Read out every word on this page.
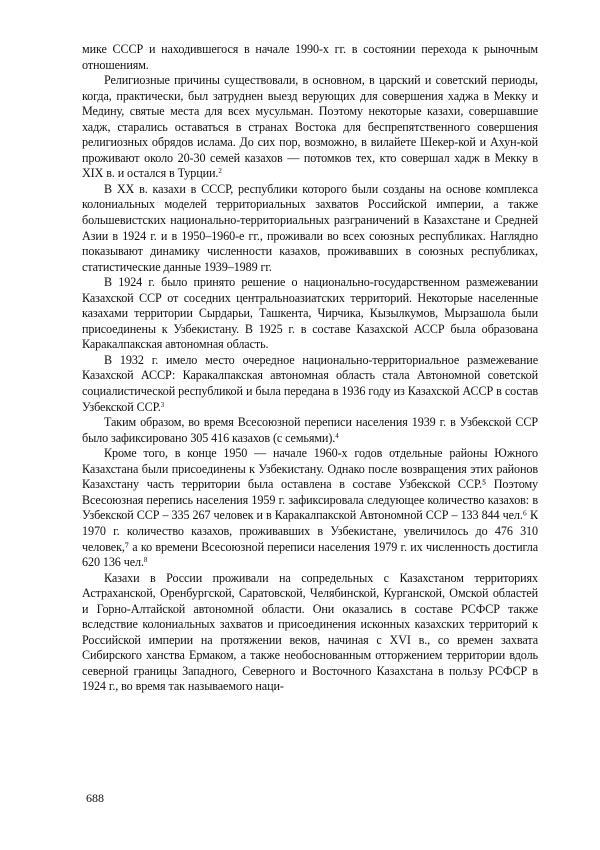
мике СССР и находившегося в начале 1990-х гг. в состоянии перехода к рыночным отношениям.

Религиозные причины существовали, в основном, в царский и советский периоды, когда, практически, был затруднен выезд верующих для совершения хаджа в Мекку и Медину, святые места для всех мусульман. Поэтому некоторые казахи, совершавшие хадж, старались оставаться в странах Востока для беспрепятственного совершения религиозных обрядов ислама. До сих пор, возможно, в вилайете Шекер-кой и Ахун-кой проживают около 20-30 семей казахов — потомков тех, кто совершал хадж в Мекку в XIX в. и остался в Турции.$^2$

В XX в. казахи в СССР, республики которого были созданы на основе комплекса колониальных моделей территориальных захватов Российской империи, а также большевистских национально-территориальных разграничений в Казахстане и Средней Азии в 1924 г. и в 1950–1960-е гг., проживали во всех союзных республиках. Наглядно показывают динамику численности казахов, проживавших в союзных республиках, статистические данные 1939–1989 гг.

В 1924 г. было принято решение о национально-государственном размежевании Казахской ССР от соседних центральноазиатских территорий. Некоторые населенные казахами территории Сырдарьи, Ташкента, Чирчика, Кызылкумов, Мырзашола были присоединены к Узбекистану. В 1925 г. в составе Казахской АССР была образована Каракалпакская автономная область.

В 1932 г. имело место очередное национально-территориальное размежевание Казахской АССР: Каракалпакская автономная область стала Автономной советской социалистической республикой и была передана в 1936 году из Казахской АССР в состав Узбекской ССР.$^3$

Таким образом, во время Всесоюзной переписи населения 1939 г. в Узбекской ССР было зафиксировано 305 416 казахов (с семьями).$^4$

Кроме того, в конце 1950 — начале 1960-х годов отдельные районы Южного Казахстана были присоединены к Узбекистану. Однако после возвращения этих районов Казахстану часть территории была оставлена в составе Узбекской ССР.⁵ Поэтому Всесоюзная перепись населения 1959 г. зафиксировала следующее количество казахов: в Узбекской ССР – 335 267 человек и в Каракалпакской Автономной ССР – 133 844 чел.⁶ К 1970 г. количество казахов, проживавших в Узбекистане, увеличилось до 476 310 человек,⁷ а ко времени Всесоюзной переписи населения 1979 г. их численность достигла 620 136 чел.$^8$

Казахи в России проживали на сопредельных с Казахстаном территориях Астраханской, Оренбургской, Саратовской, Челябинской, Курганской, Омской областей и Горно-Алтайской автономной области. Они оказались в составе РСФСР также вследствие колониальных захватов и присоединения исконных казахских территорий к Российской империи на протяжении веков, начиная с XVI в., со времен захвата Сибирского ханства Ермаком, а также необоснованным отторжением территории вдоль северной границы Западного, Северного и Восточного Казахстана в пользу РСФСР в 1924 г., во время так называемого наци-

688
